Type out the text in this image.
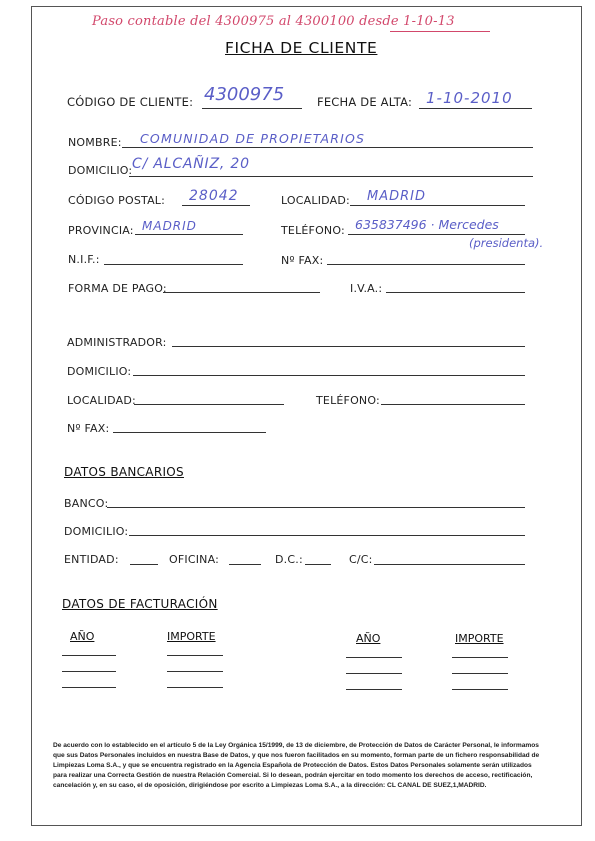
Paso contable del 4300975 al 4300100 desde 1-10-13
FICHA DE CLIENTE
CÓDIGO DE CLIENTE: 4300975	FECHA DE ALTA: 1-10-2010
NOMBRE: COMUNIDAD DE PROPIETARIOS
DOMICILIO: C/ ALCAÑIZ, 20
CÓDIGO POSTAL: 28042	LOCALIDAD: MADRID
PROVINCIA: MADRID	TELÉFONO: 635837496 · Mercedes
(presidenta).
N.I.F.:	Nº FAX:
FORMA DE PAGO:	I.V.A.:
ADMINISTRADOR:
DOMICILIO:
LOCALIDAD:	TELÉFONO:
Nº FAX:
DATOS BANCARIOS
BANCO:
DOMICILIO:
ENTIDAD:	OFICINA:	D.C.:	C/C:
DATOS DE FACTURACIÓN
AÑO	IMPORTE	AÑO	IMPORTE
De acuerdo con lo establecido en el artículo 5 de la Ley Orgánica 15/1999, de 13 de diciembre, de Protección de Datos de Carácter Personal, le informamos que sus Datos Personales incluidos en nuestra Base de Datos, y que nos fueron facilitados en su momento, forman parte de un fichero responsabilidad de Limpiezas Loma S.A., y que se encuentra registrado en la Agencia Española de Protección de Datos. Estos Datos Personales solamente serán utilizados para realizar una Correcta Gestión de nuestra Relación Comercial. Si lo desean, podrán ejercitar en todo momento los derechos de acceso, rectificación, cancelación y, en su caso, el de oposición, dirigiéndose por escrito a Limpiezas Loma S.A., a la dirección: CL CANAL DE SUEZ,1,MADRID.
